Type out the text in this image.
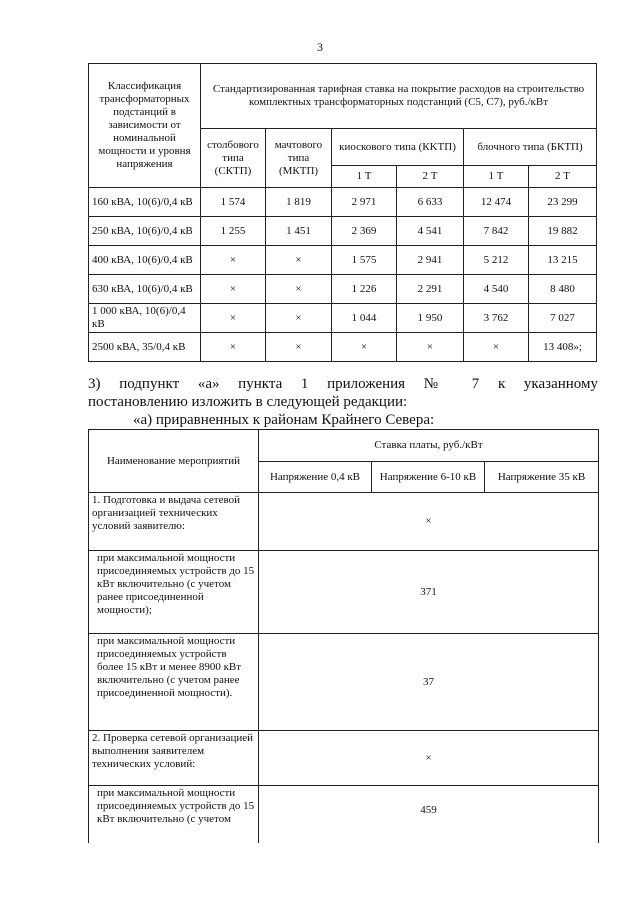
3
Классификация трансформаторных подстанций в зависимости от номинальной мощности и уровня напряжения	Стандартизированная тарифная ставка на покрытие расходов на строительство комплектных трансформаторных подстанций (С5, С7), руб./кВт					
	столбового типа (СКТП)	мачтового типа (МКТП)	киоскового типа (КKТП)		блочного типа (БКТП)	
			1 Т	2 Т	1 Т	2 Т
160 кВА, 10(6)/0,4 кВ	1 574	1 819	2 971	6 633	12 474	23 299
250 кВА, 10(6)/0,4 кВ	1 255	1 451	2 369	4 541	7 842	19 882
400 кВА, 10(6)/0,4 кВ	×	×	1 575	2 941	5 212	13 215
630 кВА, 10(6)/0,4 кВ	×	×	1 226	2 291	4 540	8 480
1 000 кВА, 10(6)/0,4 кВ	×	×	1 044	1 950	3 762	7 027
2500 кВА, 35/0,4 кВ	×	×	×	×	×	13 408»;
3) подпункт «а» пункта 1 приложения № 7 к указанному
постановлению изложить в следующей редакции:
«а) приравненных к районам Крайнего Севера:
Наименование мероприятий	Ставка платы, руб./кВт		
	Напряжение 0,4 кВ	Напряжение 6-10 кВ	Напряжение 35 кВ
1. Подготовка и выдача сетевой организацией технических условий заявителю:	×		
при максимальной мощности присоединяемых устройств до 15 кВт включительно (с учетом ранее присоединенной мощности);	371		
при максимальной мощности присоединяемых устройств более 15 кВт и менее 8900 кВт включительно (с учетом ранее присоединенной мощности).	37		
2. Проверка сетевой организацией выполнения заявителем технических условий:	×		
при максимальной мощности присоединяемых устройств до 15 кВт включительно (с учетом	459		
